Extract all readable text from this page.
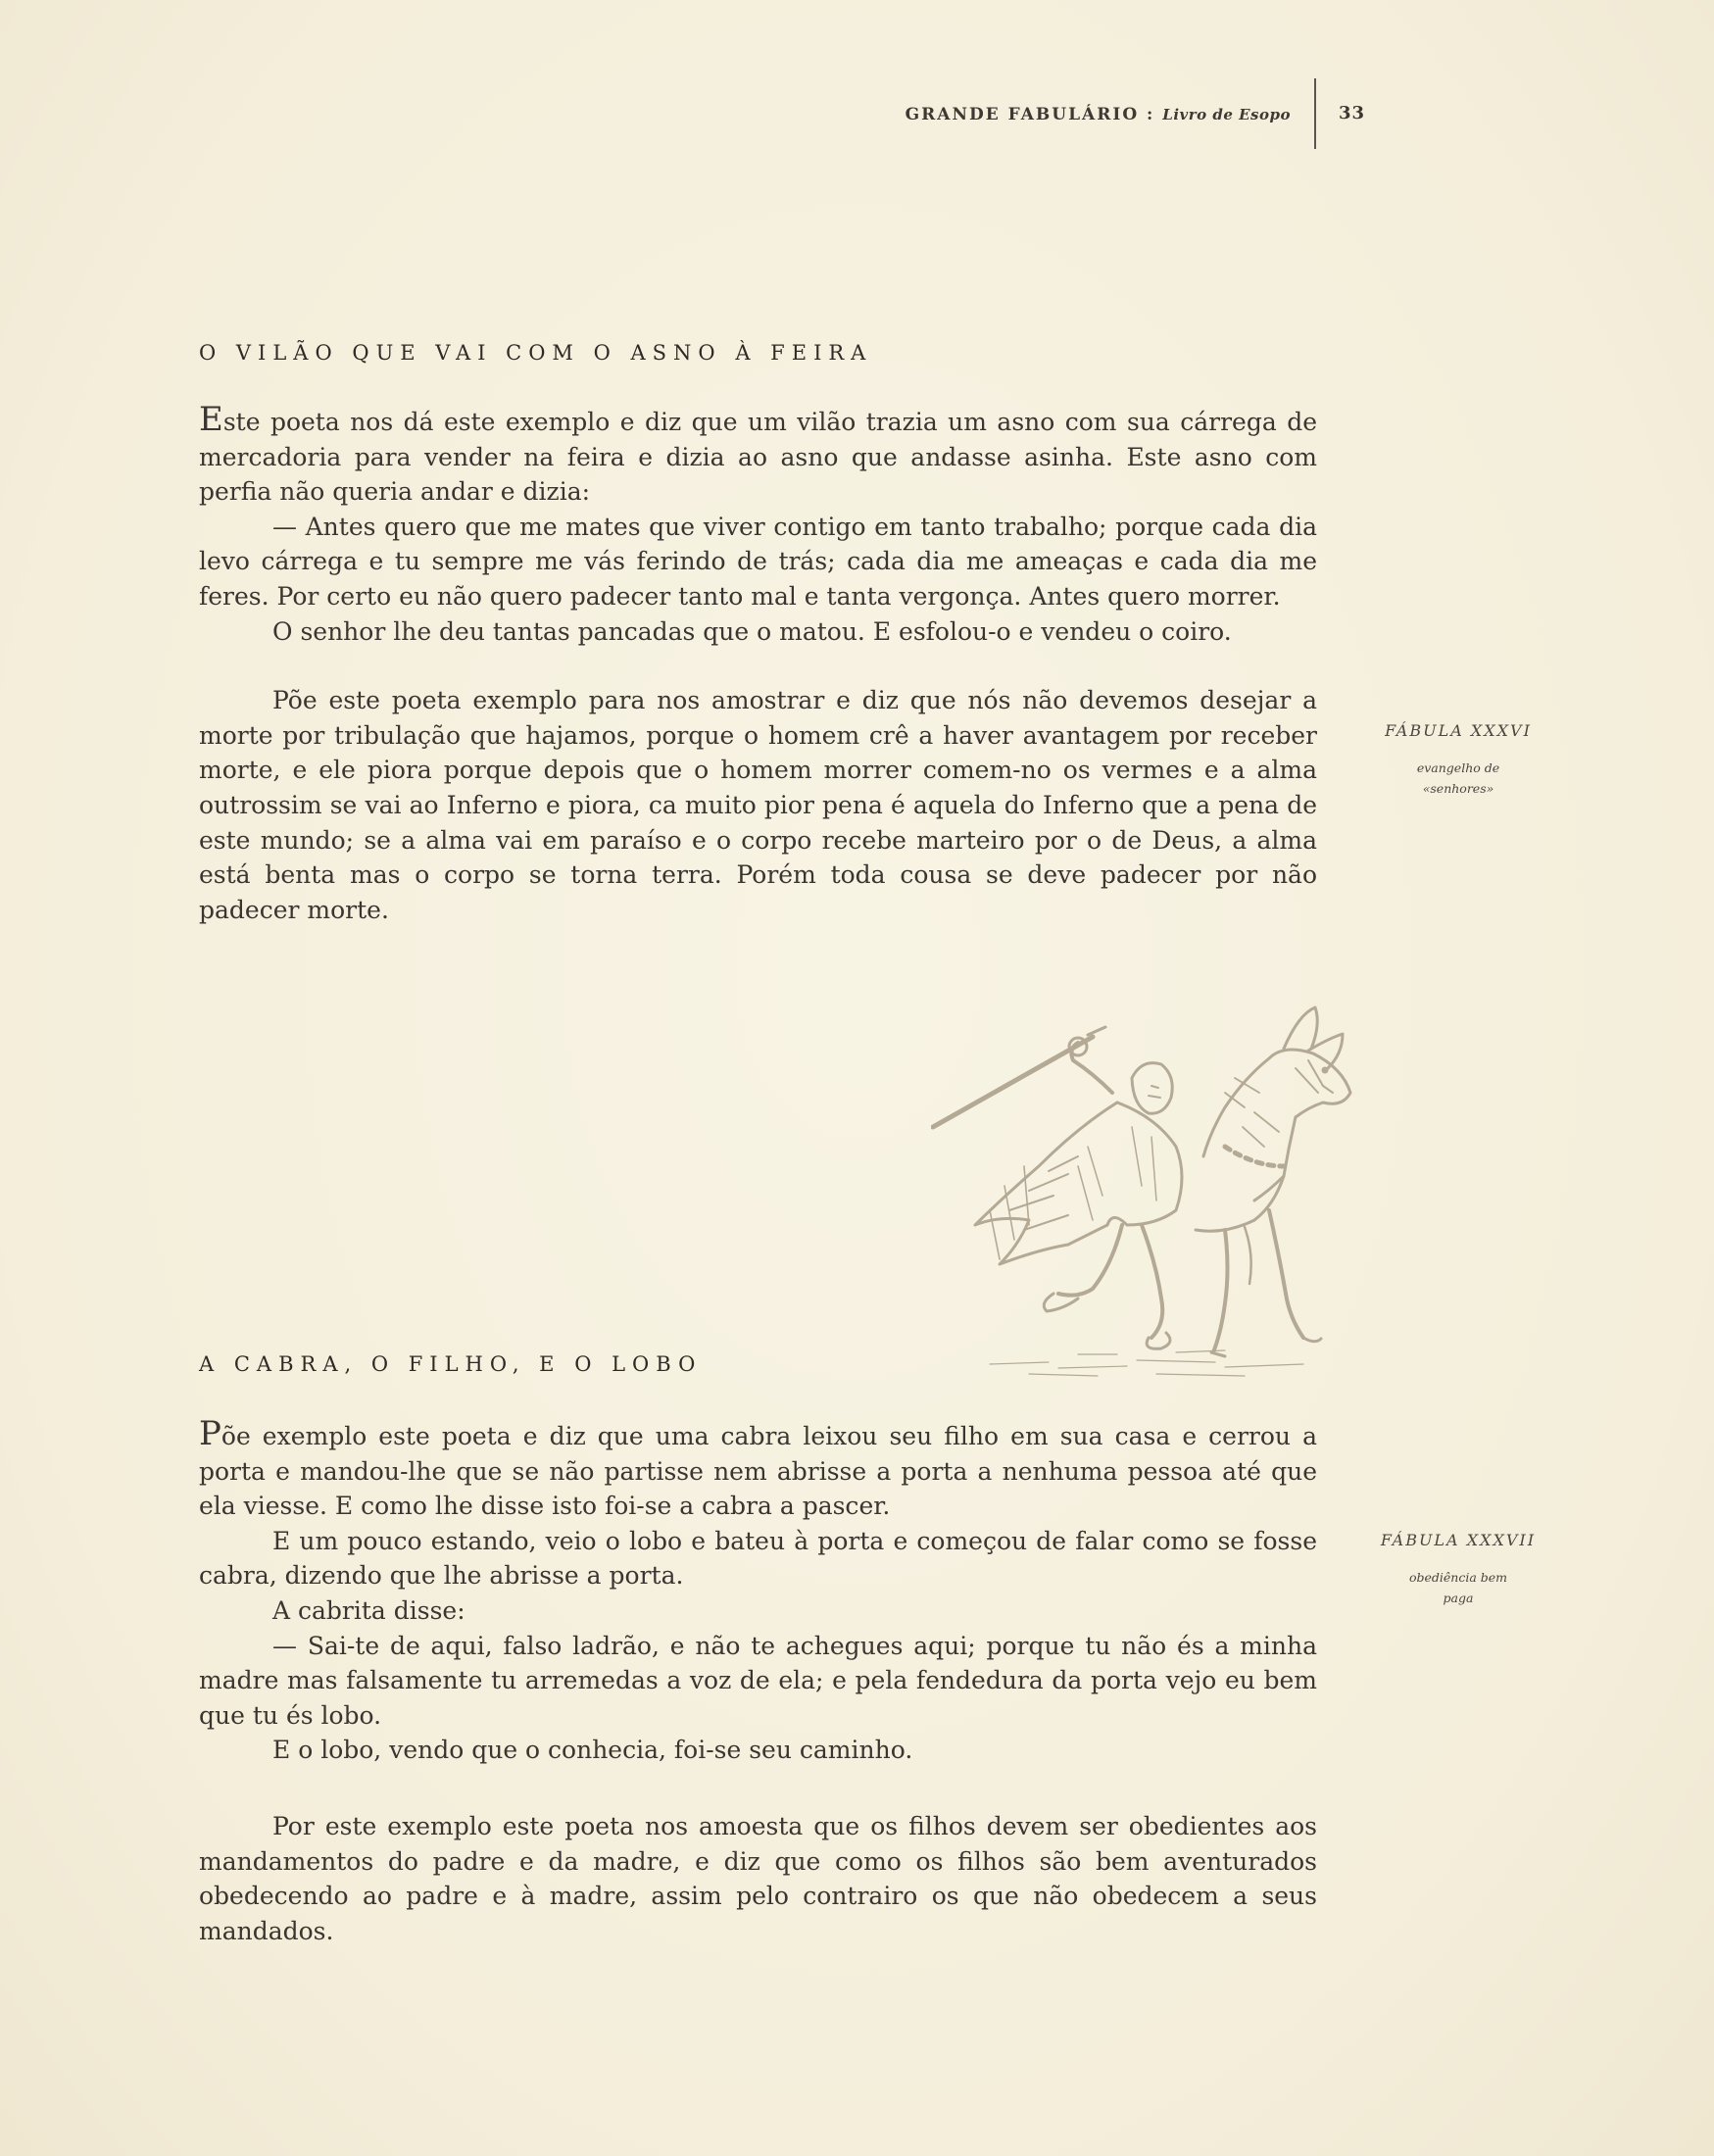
GRANDE FABULÁRIO : Livro de Esopo	33
O VILÃO QUE VAI COM O ASNO À FEIRA

Este poeta nos dá este exemplo e diz que um vilão trazia um asno com sua cárrega de mercadoria para vender na feira e dizia ao asno que andasse asinha. Este asno com perfia não queria andar e dizia:

— Antes quero que me mates que viver contigo em tanto trabalho; porque cada dia levo cárrega e tu sempre me vás ferindo de trás; cada dia me ameaças e cada dia me feres. Por certo eu não quero padecer tanto mal e tanta vergonça. Antes quero morrer.

O senhor lhe deu tantas pancadas que o matou. E esfolou-o e vendeu o coiro.

Põe este poeta exemplo para nos amostrar e diz que nós não devemos desejar a morte por tribulação que hajamos, porque o homem crê a haver avantagem por receber morte, e ele piora porque depois que o homem morrer comem-no os vermes e a alma outrossim se vai ao Inferno e piora, ca muito pior pena é aquela do Inferno que a pena de este mundo; se a alma vai em paraíso e o corpo recebe marteiro por o de Deus, a alma está benta mas o corpo se torna terra. Porém toda cousa se deve padecer por não padecer morte.

FÁBULA XXXVI
evangelho de
«senhores»
A CABRA, O FILHO, E O LOBO

Põe exemplo este poeta e diz que uma cabra leixou seu filho em sua casa e cerrou a porta e mandou-lhe que se não partisse nem abrisse a porta a nenhuma pessoa até que ela viesse. E como lhe disse isto foi-se a cabra a pascer.

E um pouco estando, veio o lobo e bateu à porta e começou de falar como se fosse cabra, dizendo que lhe abrisse a porta.

A cabrita disse:

— Sai-te de aqui, falso ladrão, e não te achegues aqui; porque tu não és a minha madre mas falsamente tu arremedas a voz de ela; e pela fendedura da porta vejo eu bem que tu és lobo.

E o lobo, vendo que o conhecia, foi-se seu caminho.

Por este exemplo este poeta nos amoesta que os filhos devem ser obedientes aos mandamentos do padre e da madre, e diz que como os filhos são bem aventurados obedecendo ao padre e à madre, assim pelo contrairo os que não obedecem a seus mandados.

FÁBULA XXXVII
obediência bem
paga
